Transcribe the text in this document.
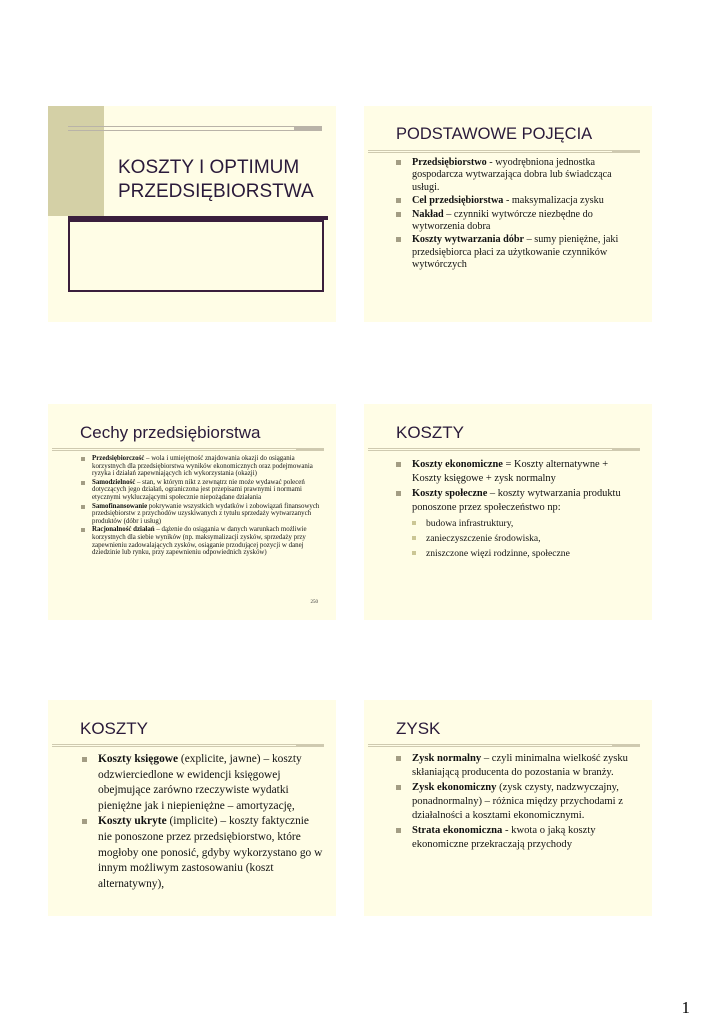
KOSZTY I OPTIMUM
PRZEDSIĘBIORSTWA
PODSTAWOWE POJĘCIA
Przedsiębiorstwo - wyodrębniona jednostka gospodarcza wytwarzająca dobra lub świadcząca usługi.
Cel przedsiębiorstwa - maksymalizacja zysku
Nakład – czynniki wytwórcze niezbędne do wytworzenia dobra
Koszty wytwarzania dóbr – sumy pieniężne, jaki przedsiębiorca płaci za użytkowanie czynników wytwórczych
Cechy przedsiębiorstwa
Przedsiębiorczość – wola i umiejętność znajdowania okazji do osiągania korzystnych dla przedsiębiorstwa wyników ekonomicznych oraz podejmowania ryzyka i działań zapewniających ich wykorzystania (okazji)
Samodzielność – stan, w którym nikt z zewnątrz nie może wydawać poleceń dotyczących jego działań, ograniczona jest przepisami prawnymi i normami etycznymi wykluczającymi społecznie niepożądane działania
Samofinansowanie pokrywanie wszystkich wydatków i zobowiązań finansowych przedsiębiorstw z przychodów uzyskiwanych z tytułu sprzedaży wytwarzanych produktów (dóbr i usług)
Racjonalność działań – dążenie do osiągania w danych warunkach możliwie korzystnych dla siebie wyników (np. maksymalizacji zysków, sprzedaży przy zapewnieniu zadowalających zysków, osiąganie przodującej pozycji w danej dziedzinie lub rynku, przy zapewnieniu odpowiednich zysków)
250
KOSZTY
Koszty ekonomiczne = Koszty alternatywne + Koszty księgowe + zysk normalny
Koszty społeczne – koszty wytwarzania produktu ponoszone przez społeczeństwo np:
budowa infrastruktury,
zanieczyszczenie środowiska,
zniszczone więzi rodzinne, społeczne
KOSZTY
Koszty księgowe (explicite, jawne) – koszty odzwierciedlone w ewidencji księgowej obejmujące zarówno rzeczywiste wydatki pieniężne jak i niepieniężne – amortyzację,
Koszty ukryte (implicite) – koszty faktycznie nie ponoszone przez przedsiębiorstwo, które mogłoby one ponosić, gdyby wykorzystano go w innym możliwym zastosowaniu (koszt alternatywny),
ZYSK
Zysk normalny – czyli minimalna wielkość zysku skłaniającą producenta do pozostania w branży.
Zysk ekonomiczny (zysk czysty, nadzwyczajny, ponadnormalny) – różnica między przychodami z działalności a kosztami ekonomicznymi.
Strata ekonomiczna - kwota o jaką koszty ekonomiczne przekraczają przychody
1
